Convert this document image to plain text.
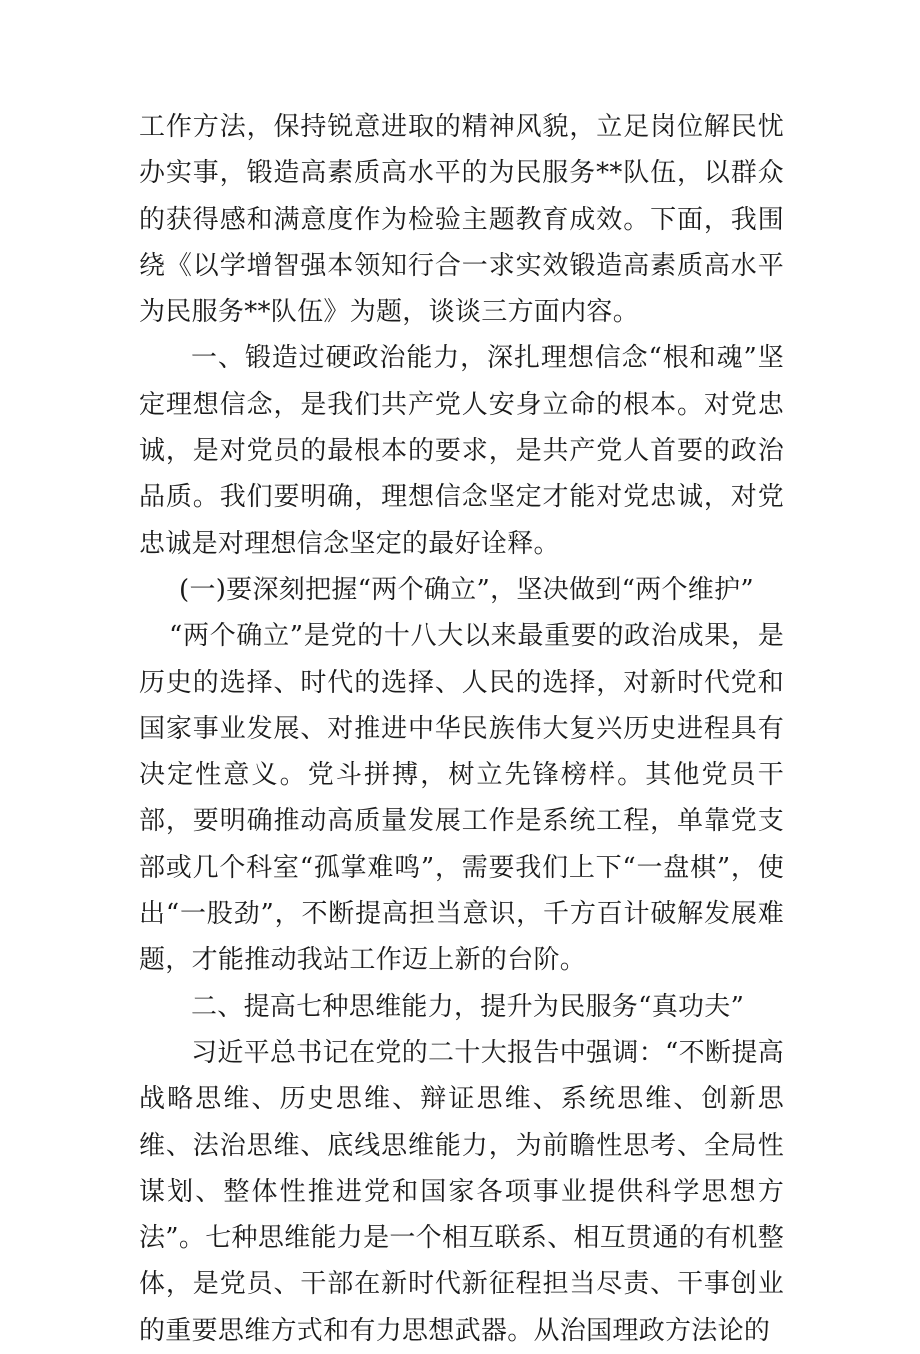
工作方法，保持锐意进取的精神风貌，立足岗位解民忧办实事，锻造高素质高水平的为民服务**队伍，以群众的获得感和满意度作为检验主题教育成效。下面，我围绕《以学增智强本领知行合一求实效锻造高素质高水平为民服务**队伍》为题，谈谈三方面内容。

一、锻造过硬政治能力，深扎理想信念“根和魂”坚定理想信念，是我们共产党人安身立命的根本。对党忠诚，是对党员的最根本的要求，是共产党人首要的政治品质。我们要明确，理想信念坚定才能对党忠诚，对党忠诚是对理想信念坚定的最好诠释。

(一)要深刻把握“两个确立”，坚决做到“两个维护”

“两个确立”是党的十八大以来最重要的政治成果，是历史的选择、时代的选择、人民的选择，对新时代党和国家事业发展、对推进中华民族伟大复兴历史进程具有决定性意义。党斗拼搏，树立先锋榜样。其他党员干部，要明确推动高质量发展工作是系统工程，单靠党支部或几个科室“孤掌难鸣”，需要我们上下“一盘棋”，使出“一股劲”，不断提高担当意识，千方百计破解发展难题，才能推动我站工作迈上新的台阶。

二、提高七种思维能力，提升为民服务“真功夫”

习近平总书记在党的二十大报告中强调：“不断提高战略思维、历史思维、辩证思维、系统思维、创新思维、法治思维、底线思维能力，为前瞻性思考、全局性谋划、整体性推进党和国家各项事业提供科学思想方法”。七种思维能力是一个相互联系、相互贯通的有机整体，是党员、干部在新时代新征程担当尽责、干事创业的重要思维方式和有力思想武器。从治国理政方法论的
